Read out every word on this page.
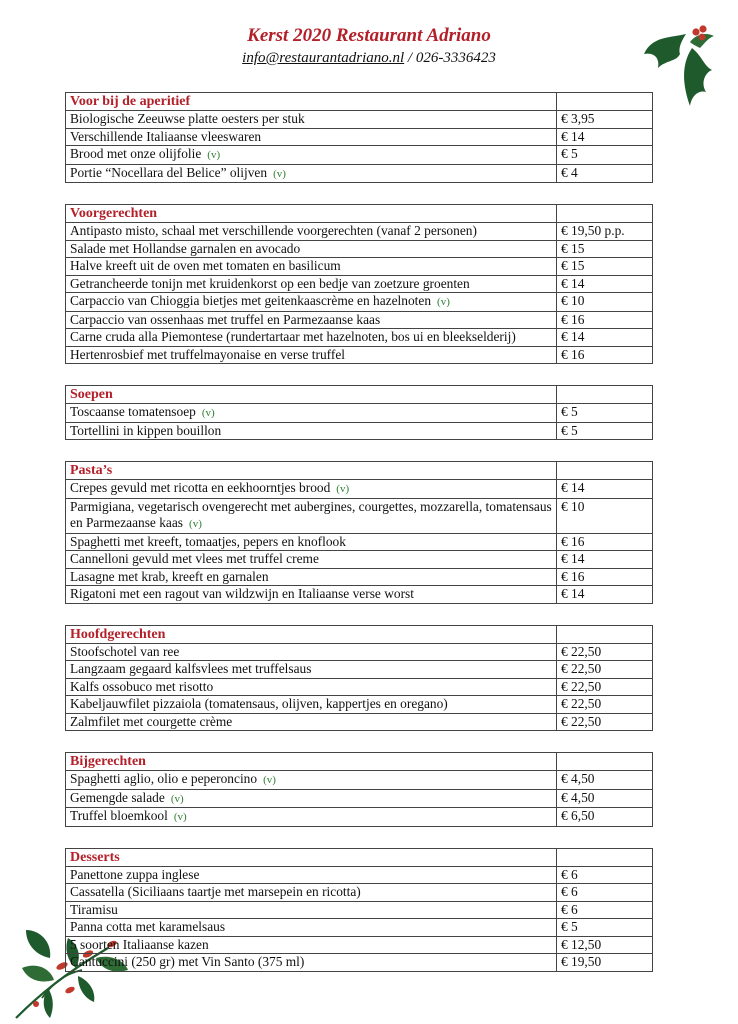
Kerst 2020 Restaurant Adriano
info@restaurantadriano.nl / 026-3336423
Voor bij de aperitief	
Biologische Zeeuwse platte oesters per stuk	€ 3,95
Verschillende Italiaanse vleeswaren	€ 14
Brood met onze olijfolie (v)	€ 5
Portie “Nocellara del Belice” olijven (v)	€ 4
Voorgerechten	
Antipasto misto, schaal met verschillende voorgerechten (vanaf 2 personen)	€ 19,50 p.p.
Salade met Hollandse garnalen en avocado	€ 15
Halve kreeft uit de oven met tomaten en basilicum	€ 15
Getrancheerde tonijn met kruidenkorst op een bedje van zoetzure groenten	€ 14
Carpaccio van Chioggia bietjes met geitenkaascrème en hazelnoten (v)	€ 10
Carpaccio van ossenhaas met truffel en Parmezaanse kaas	€ 16
Carne cruda alla Piemontese (rundertartaar met hazelnoten, bos ui en bleekselderij)	€ 14
Hertenrosbief met truffelmayonaise en verse truffel	€ 16
Soepen	
Toscaanse tomatensoep (v)	€ 5
Tortellini in kippen bouillon	€ 5
Pasta’s	
Crepes gevuld met ricotta en eekhoorntjes brood (v)	€ 14
Parmigiana, vegetarisch ovengerecht met aubergines, courgettes, mozzarella, tomatensaus en Parmezaanse kaas (v)	€ 10
Spaghetti met kreeft, tomaatjes, pepers en knoflook	€ 16
Cannelloni gevuld met vlees met truffel creme	€ 14
Lasagne met krab, kreeft en garnalen	€ 16
Rigatoni met een ragout van wildzwijn en Italiaanse verse worst	€ 14
Hoofdgerechten	
Stoofschotel van ree	€ 22,50
Langzaam gegaard kalfsvlees met truffelsaus	€ 22,50
Kalfs ossobuco met risotto	€ 22,50
Kabeljauwfilet pizzaiola (tomatensaus, olijven, kappertjes en oregano)	€ 22,50
Zalmfilet met courgette crème	€ 22,50
Bijgerechten	
Spaghetti aglio, olio e peperoncino (v)	€ 4,50
Gemengde salade (v)	€ 4,50
Truffel bloemkool (v)	€ 6,50
Desserts	
Panettone zuppa inglese	€ 6
Cassatella (Siciliaans taartje met marsepein en ricotta)	€ 6
Tiramisu	€ 6
Panna cotta met karamelsaus	€ 5
5 soorten Italiaanse kazen	€ 12,50
Cantuccini (250 gr) met Vin Santo (375 ml)	€ 19,50
